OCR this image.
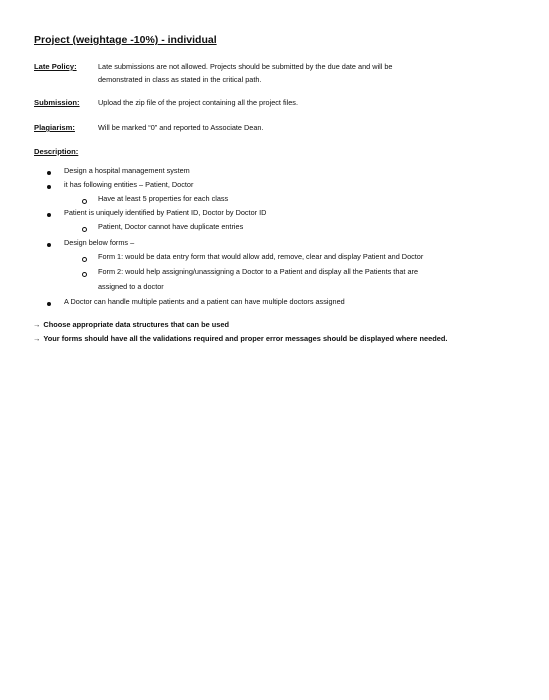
Project (weightage -10%) - individual
Late Policy:	Late submissions are not allowed. Projects should be submitted by the due date and will be
demonstrated in class as stated in the critical path.
Submission:	Upload the zip file of the project containing all the project files.
Plagiarism:	Will be marked “0” and reported to Associate Dean.
Description:
Design a hospital management system
it has following entities – Patient, Doctor
Have at least 5 properties for each class
Patient is uniquely identified by Patient ID, Doctor by Doctor ID
Patient, Doctor cannot have duplicate entries
Design below forms –
Form 1: would be data entry form that would allow add, remove, clear and display Patient and Doctor
Form 2: would help assigning/unassigning a Doctor to a Patient and display all the Patients that are
assigned to a doctor
A Doctor can handle multiple patients and a patient can have multiple doctors assigned
→ Choose appropriate data structures that can be used
→ Your forms should have all the validations required and proper error messages should be displayed where needed.
